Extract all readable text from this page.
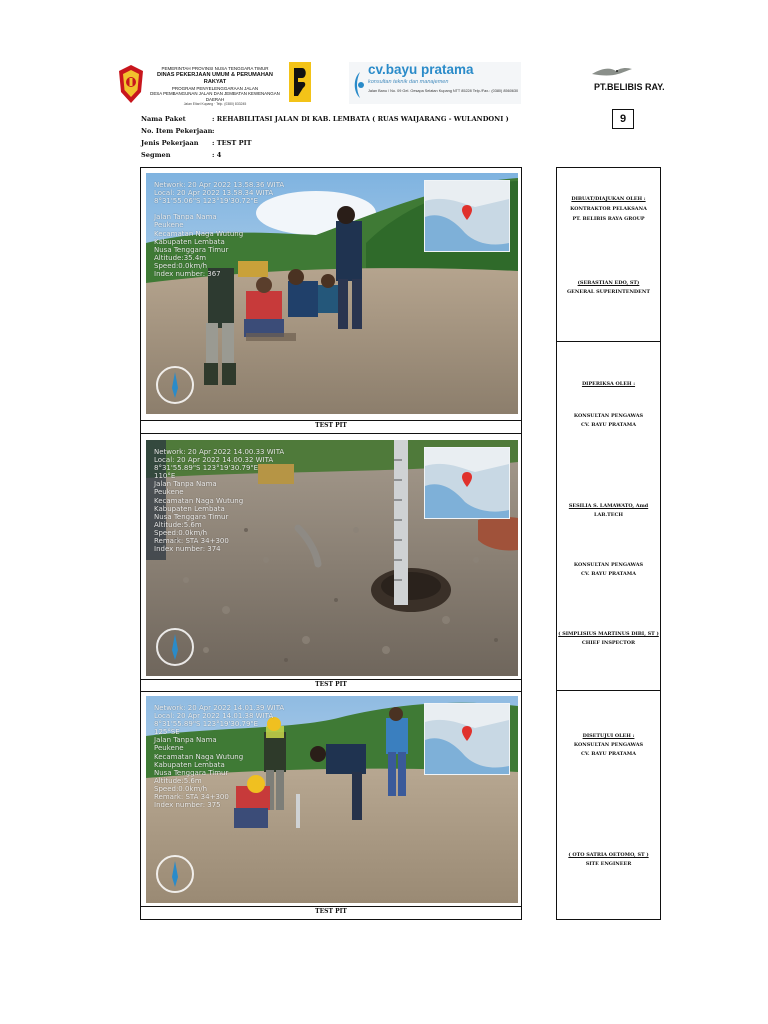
PEMERINTAH PROVINSI NUSA TENGGARA TIMUR
DINAS PEKERJAAN UMUM & PERUMAHAN RAKYAT
PROGRAM PENYELENGGARAAN JALAN
DESA PEMBANGUNAN JALAN DAN JEMBATAN KEWENANGAN DAERAH
Jalan Eltari Kupang · Telp. (0380) 833245
cv.bayu pratama
konsultan teknik dan manajemen
Jalan Banu / No. 09 Gel. Oesapa Selatan Kupang NTT 85228 Telp./Fax.: (0380) 8560630	PT.BELIBIS RAY.
9
Nama Paket	: REHABILITASI JALAN DI KAB. LEMBATA ( RUAS WAIJARANG - WULANDONI )
No. Item Pekerjaan :
Jenis Pekerjaan : TEST PIT
Segmen	: 4
Network: 20 Apr 2022 13.58.36 WITA
Local: 20 Apr 2022 13.58.34 WITA
8°31'55.06"S 123°19'30.72"E

Jalan Tanpa Nama
Peukene
Kecamatan Naga Wutung
Kabupaten Lembata
Nusa Tenggara Timur
Altitude:35.4m
Speed:0.0km/h
Index number: 367
TEST PIT
Network: 20 Apr 2022 14.00.33 WITA
Local: 20 Apr 2022 14.00.32 WITA
8°31'55.89"S 123°19'30.79"E
110°E
Jalan Tanpa Nama
Peukene
Kecamatan Naga Wutung
Kabupaten Lembata
Nusa Tenggara Timur
Altitude:5.6m
Speed:0.0km/h
Remark: STA 34+300
Index number: 374
TEST PIT
Network: 20 Apr 2022 14.01.39 WITA
Local: 20 Apr 2022 14.01.38 WITA
8°31'55.89"S 123°19'30.79"E
125°SE
Jalan Tanpa Nama
Peukene
Kecamatan Naga Wutung
Kabupaten Lembata
Nusa Tenggara Timur
Altitude:5.6m
Speed:0.0km/h
Remark: STA 34+300
Index number: 375
TEST PIT
DIBUAT/DIAJUKAN OLEH :
KONTRAKTOR PELAKSANA
PT. BELIBIS RAYA GROUP
(SEBASTIAN EDO, ST)
GENERAL SUPERINTENDENT
DIPERIKSA OLEH :
KONSULTAN PENGAWAS
CV. BAYU PRATAMA
SESILIA S. LAMAWATO, Amd
LAB.TECH
KONSULTAN PENGAWAS
CV. BAYU PRATAMA
( SIMPLISIUS MARTINUS DIBI, ST )
CHIEF INSPECTOR
DISETUJUI OLEH :
KONSULTAN PENGAWAS
CV. BAYU PRATAMA
( OTO SATRIA OETOMO, ST )
SITE ENGINEER
